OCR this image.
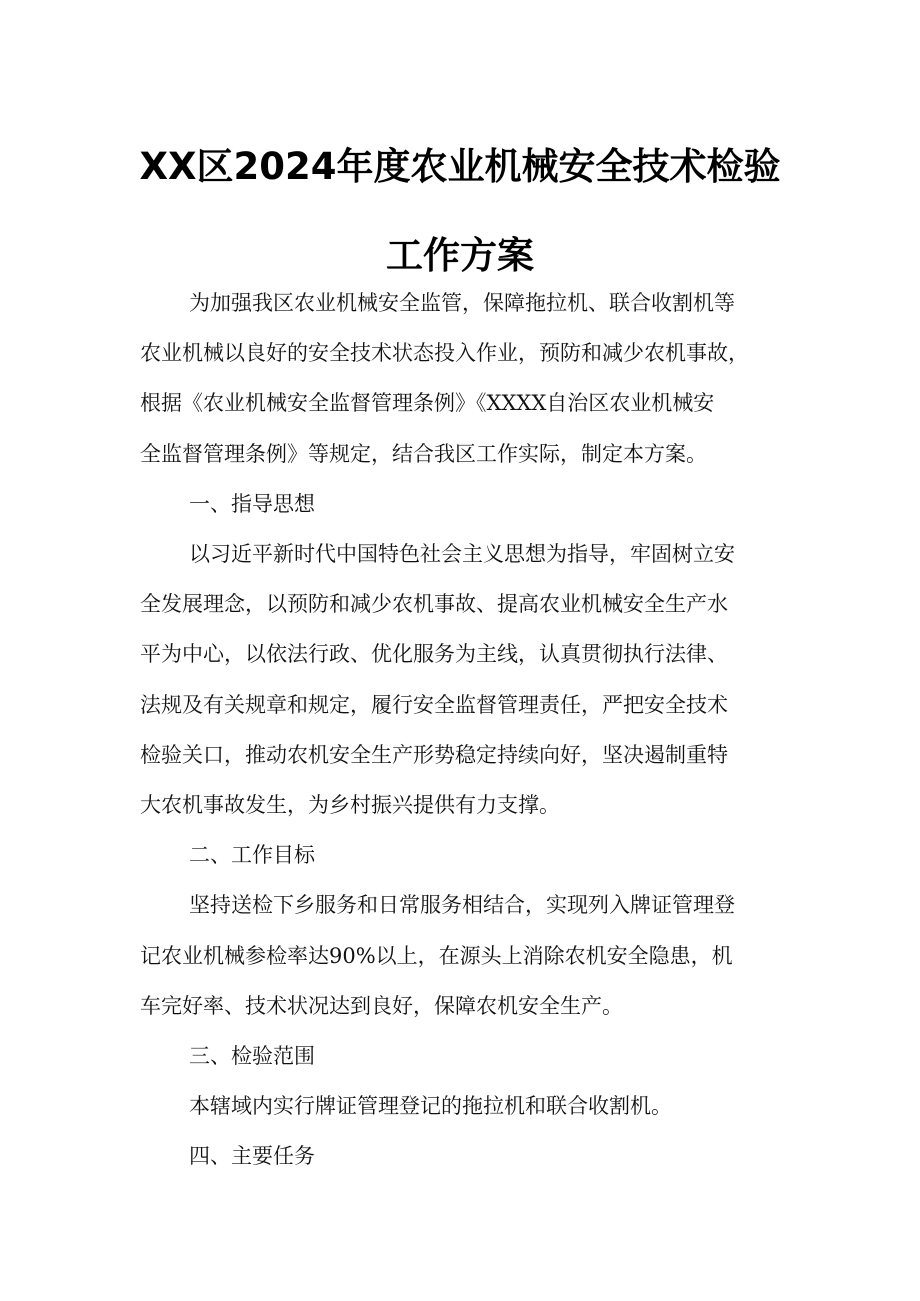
XX区2024年度农业机械安全技术检验
工作方案
为加强我区农业机械安全监管，保障拖拉机、联合收割机等
农业机械以良好的安全技术状态投入作业，预防和减少农机事故，
根据《农业机械安全监督管理条例》《XXXX自治区农业机械安
全监督管理条例》等规定，结合我区工作实际，制定本方案。
一、指导思想
以习近平新时代中国特色社会主义思想为指导，牢固树立安
全发展理念，以预防和减少农机事故、提高农业机械安全生产水
平为中心，以依法行政、优化服务为主线，认真贯彻执行法律、
法规及有关规章和规定，履行安全监督管理责任，严把安全技术
检验关口，推动农机安全生产形势稳定持续向好，坚决遏制重特
大农机事故发生，为乡村振兴提供有力支撑。
二、工作目标
坚持送检下乡服务和日常服务相结合，实现列入牌证管理登
记农业机械参检率达90%以上，在源头上消除农机安全隐患，机
车完好率、技术状况达到良好，保障农机安全生产。
三、检验范围
本辖域内实行牌证管理登记的拖拉机和联合收割机。
四、主要任务
